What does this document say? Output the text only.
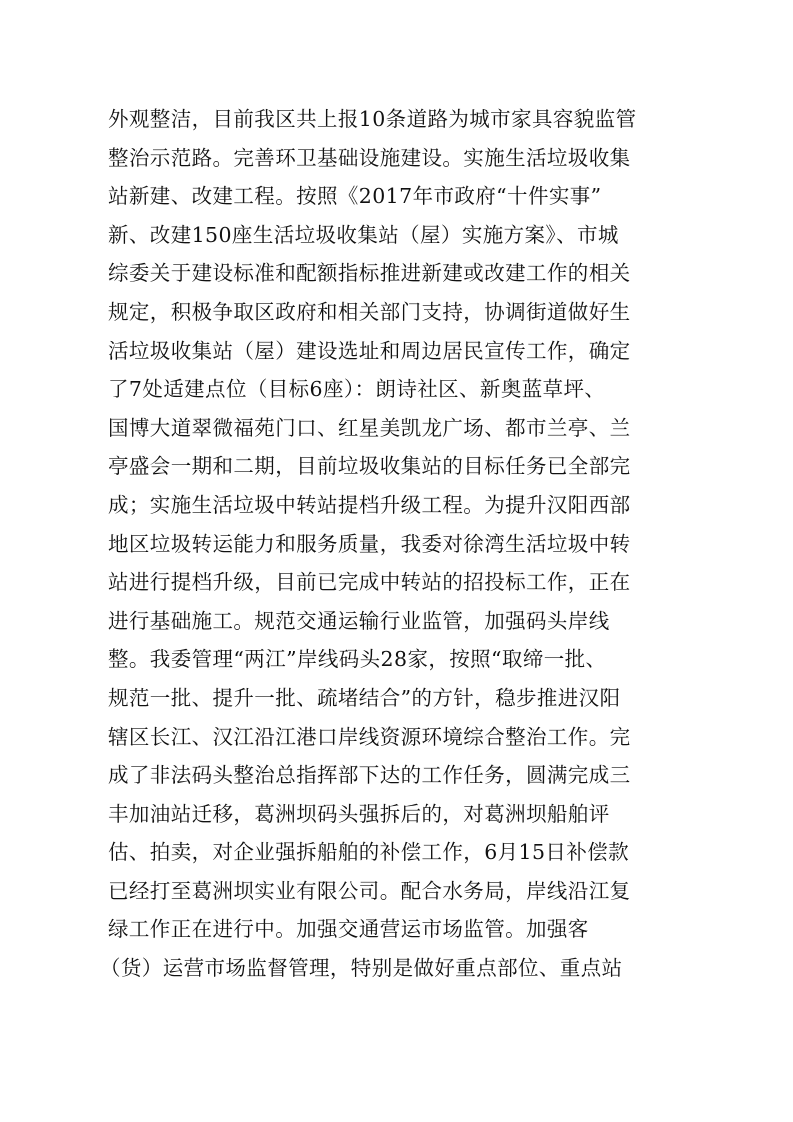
外观整洁，目前我区共上报10条道路为城市家具容貌监管
整治示范路。完善环卫基础设施建设。实施生活垃圾收集
站新建、改建工程。按照《2017年市政府“十件实事”
新、改建150座生活垃圾收集站（屋）实施方案》、市城
综委关于建设标准和配额指标推进新建或改建工作的相关
规定，积极争取区政府和相关部门支持，协调街道做好生
活垃圾收集站（屋）建设选址和周边居民宣传工作，确定
了7处适建点位（目标6座）：朗诗社区、新奥蓝草坪、
国博大道翠微福苑门口、红星美凯龙广场、都市兰亭、兰
亭盛会一期和二期，目前垃圾收集站的目标任务已全部完
成；实施生活垃圾中转站提档升级工程。为提升汉阳西部
地区垃圾转运能力和服务质量，我委对徐湾生活垃圾中转
站进行提档升级，目前已完成中转站的招投标工作，正在
进行基础施工。规范交通运输行业监管，加强码头岸线
整。我委管理“两江”岸线码头28家，按照“取缔一批、
规范一批、提升一批、疏堵结合”的方针，稳步推进汉阳
辖区长江、汉江沿江港口岸线资源环境综合整治工作。完
成了非法码头整治总指挥部下达的工作任务，圆满完成三
丰加油站迁移，葛洲坝码头强拆后的，对葛洲坝船舶评
估、拍卖，对企业强拆船舶的补偿工作，6月15日补偿款
已经打至葛洲坝实业有限公司。配合水务局，岸线沿江复
绿工作正在进行中。加强交通营运市场监管。加强客
（货）运营市场监督管理，特别是做好重点部位、重点站
